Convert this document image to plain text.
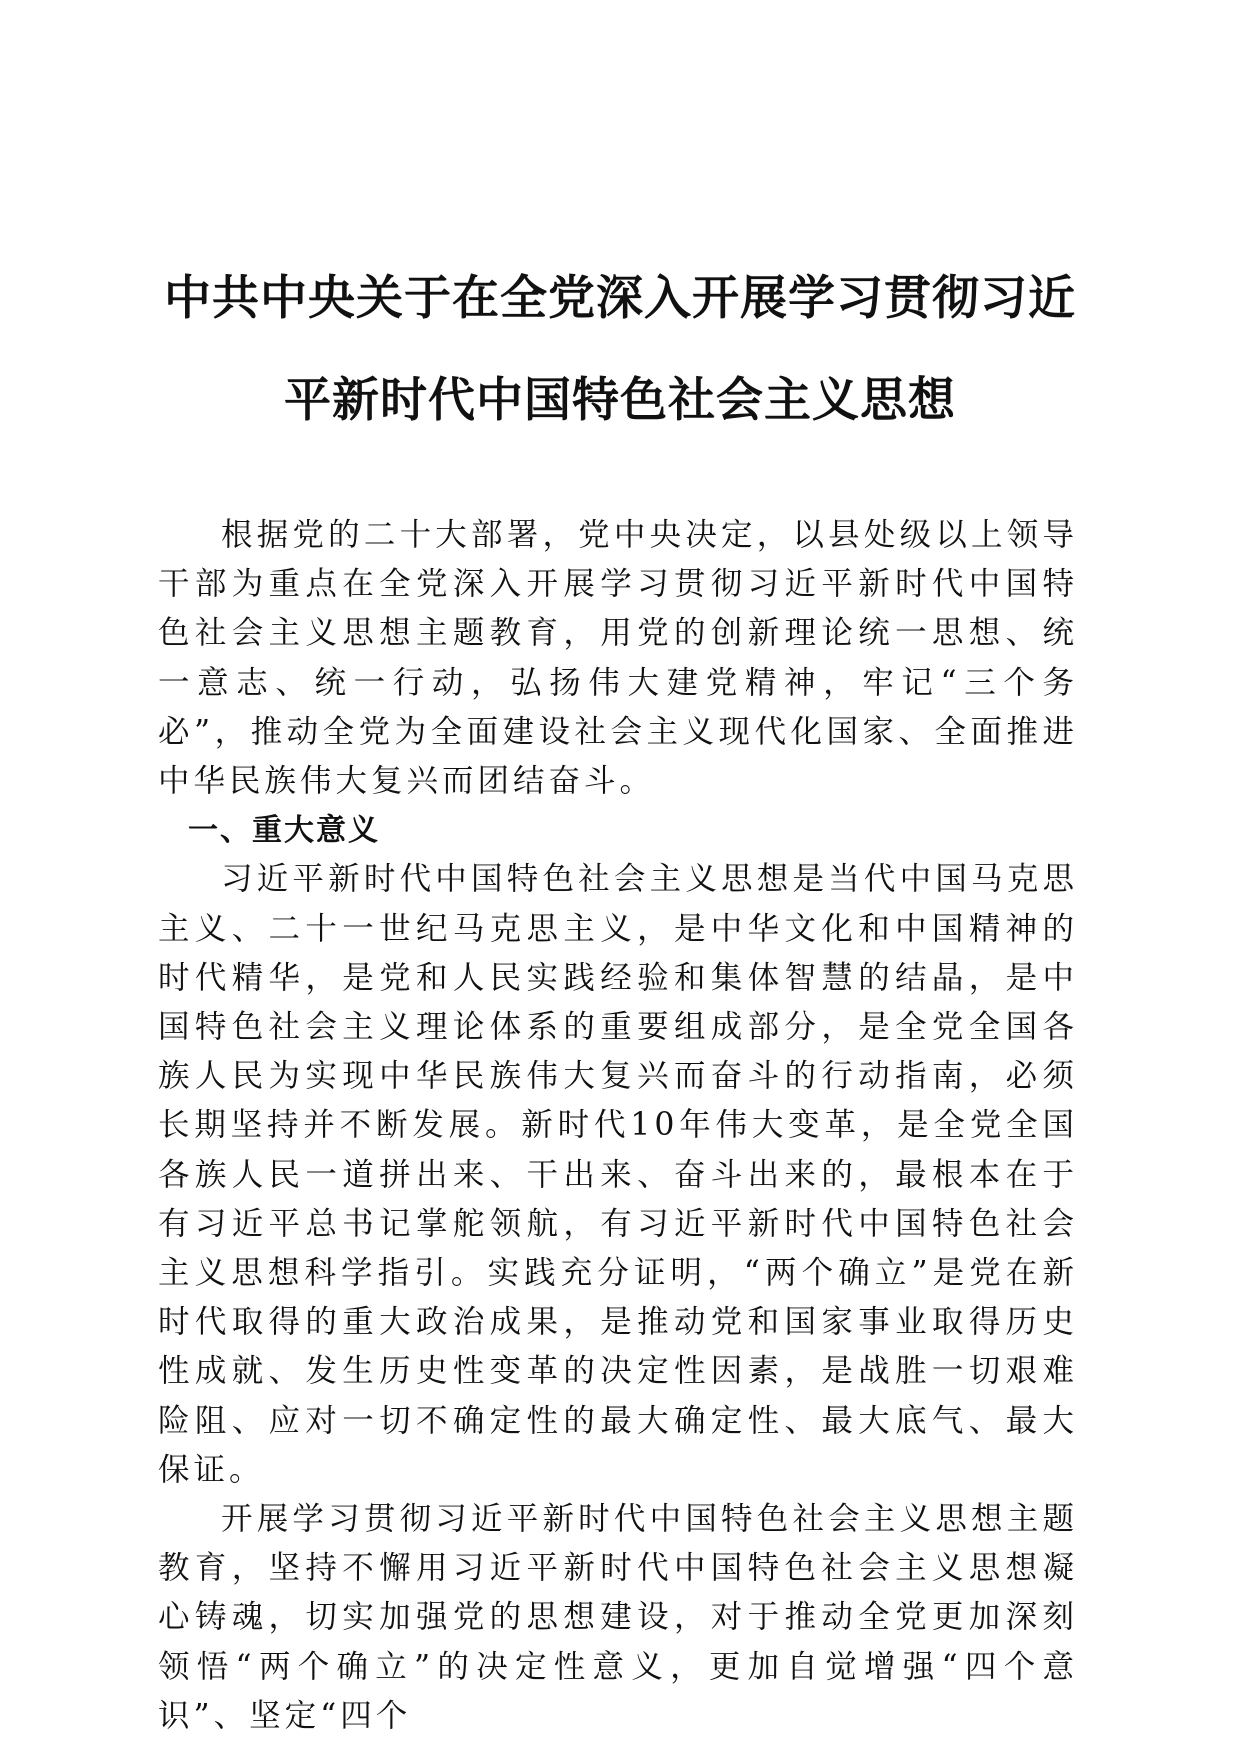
中共中央关于在全党深入开展学习贯彻习近
平新时代中国特色社会主义思想

根据党的二十大部署，党中央决定，以县处级以上领导干部为重点在全党深入开展学习贯彻习近平新时代中国特色社会主义思想主题教育，用党的创新理论统一思想、统一意志、统一行动，弘扬伟大建党精神，牢记“三个务必”，推动全党为全面建设社会主义现代化国家、全面推进中华民族伟大复兴而团结奋斗。

一、重大意义

习近平新时代中国特色社会主义思想是当代中国马克思主义、二十一世纪马克思主义，是中华文化和中国精神的时代精华，是党和人民实践经验和集体智慧的结晶，是中国特色社会主义理论体系的重要组成部分，是全党全国各族人民为实现中华民族伟大复兴而奋斗的行动指南，必须长期坚持并不断发展。新时代10年伟大变革，是全党全国各族人民一道拼出来、干出来、奋斗出来的，最根本在于有习近平总书记掌舵领航，有习近平新时代中国特色社会主义思想科学指引。实践充分证明，“两个确立”是党在新时代取得的重大政治成果，是推动党和国家事业取得历史性成就、发生历史性变革的决定性因素，是战胜一切艰难险阻、应对一切不确定性的最大确定性、最大底气、最大保证。

开展学习贯彻习近平新时代中国特色社会主义思想主题教育，坚持不懈用习近平新时代中国特色社会主义思想凝心铸魂，切实加强党的思想建设，对于推动全党更加深刻领悟“两个确立”的决定性意义，更加自觉增强“四个意识”、坚定“四个
